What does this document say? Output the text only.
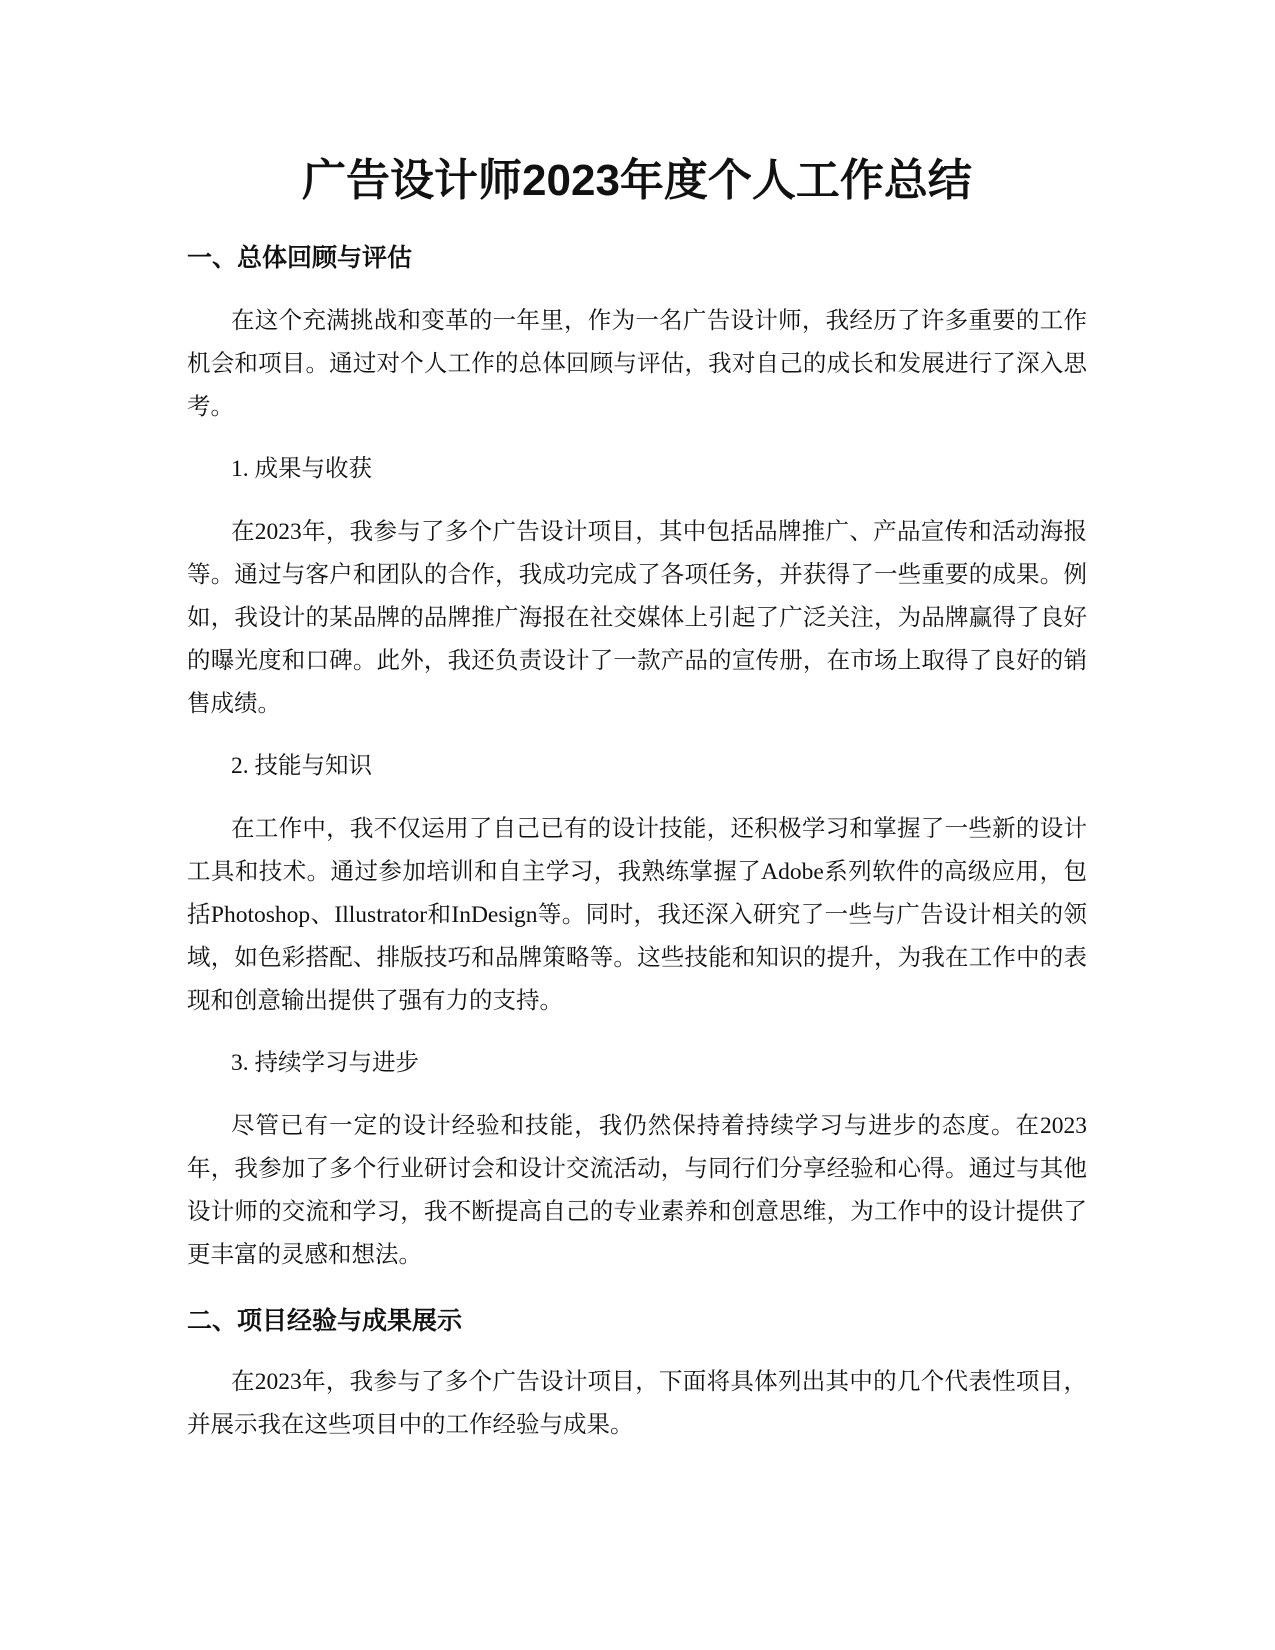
广告设计师2023年度个人工作总结
一、总体回顾与评估

在这个充满挑战和变革的一年里，作为一名广告设计师，我经历了许多重要的工作机会和项目。通过对个人工作的总体回顾与评估，我对自己的成长和发展进行了深入思考。

1. 成果与收获

在2023年，我参与了多个广告设计项目，其中包括品牌推广、产品宣传和活动海报等。通过与客户和团队的合作，我成功完成了各项任务，并获得了一些重要的成果。例如，我设计的某品牌的品牌推广海报在社交媒体上引起了广泛关注，为品牌赢得了良好的曝光度和口碑。此外，我还负责设计了一款产品的宣传册，在市场上取得了良好的销售成绩。

2. 技能与知识

在工作中，我不仅运用了自己已有的设计技能，还积极学习和掌握了一些新的设计工具和技术。通过参加培训和自主学习，我熟练掌握了Adobe系列软件的高级应用，包括Photoshop、Illustrator和InDesign等。同时，我还深入研究了一些与广告设计相关的领域，如色彩搭配、排版技巧和品牌策略等。这些技能和知识的提升，为我在工作中的表现和创意输出提供了强有力的支持。

3. 持续学习与进步

尽管已有一定的设计经验和技能，我仍然保持着持续学习与进步的态度。在2023年，我参加了多个行业研讨会和设计交流活动，与同行们分享经验和心得。通过与其他设计师的交流和学习，我不断提高自己的专业素养和创意思维，为工作中的设计提供了更丰富的灵感和想法。

二、项目经验与成果展示

在2023年，我参与了多个广告设计项目，下面将具体列出其中的几个代表性项目，并展示我在这些项目中的工作经验与成果。
